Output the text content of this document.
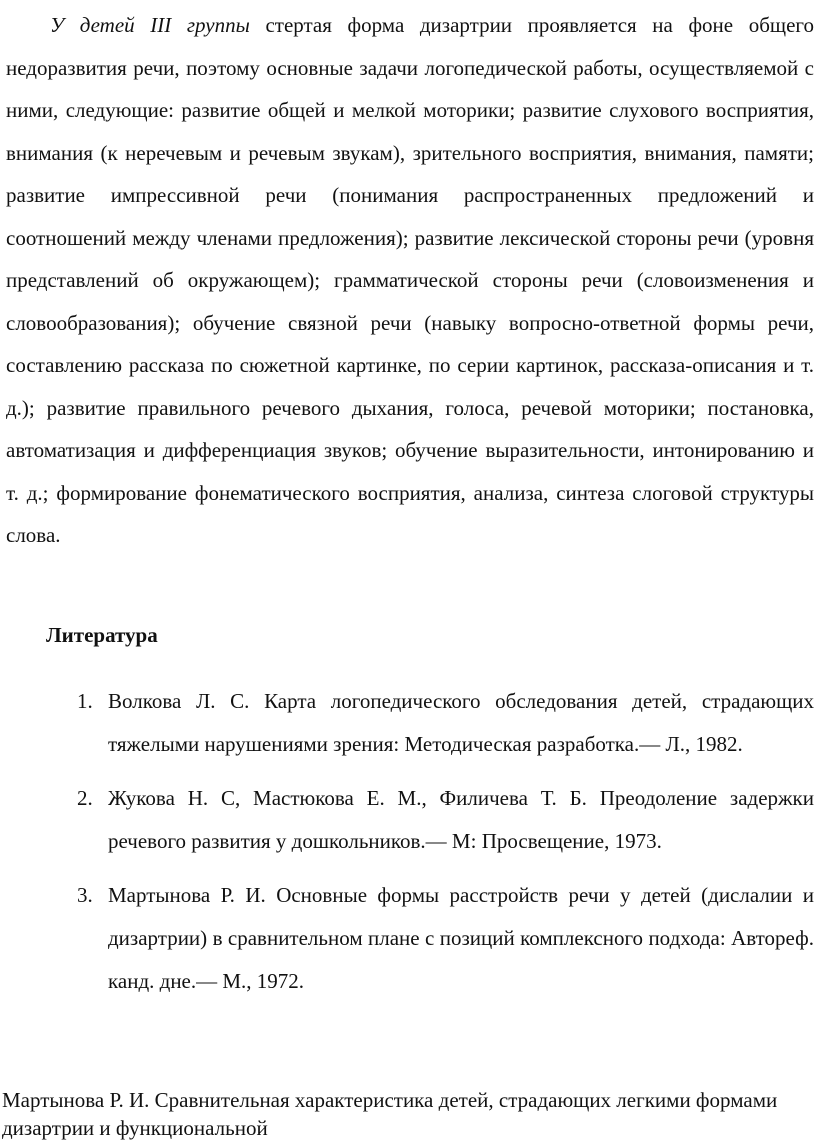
У детей III группы стертая форма дизартрии проявляется на фоне общего недоразвития речи, поэтому основные задачи логопедической работы, осуществляемой с ними, следующие: развитие общей и мелкой моторики; развитие слухового восприятия, внимания (к неречевым и речевым звукам), зрительного восприятия, внимания, памяти; развитие импрессивной речи (понимания распространенных предложений и соотношений между членами предложения); развитие лексической стороны речи (уровня представлений об окружающем); грамматической стороны речи (словоизменения и словообразования); обучение связной речи (навыку вопросно-ответной формы речи, составлению рассказа по сюжетной картинке, по серии картинок, рассказа-описания и т. д.); развитие правильного речевого дыхания, голоса, речевой моторики; постановка, автоматизация и дифференциация звуков; обучение выразительности, интонированию и т. д.; формирование фонематического восприятия, анализа, синтеза слоговой структуры слова.

Литература
1. Волкова Л. С. Карта логопедического обследования детей, страдающих тяжелыми нарушениями зрения: Методическая разработка.— Л., 1982.
2. Жукова Н. С, Мастюкова Е. М., Филичева Т. Б. Преодоление задержки речевого развития у дошкольников.— М: Просвещение, 1973.
3. Мартынова Р. И. Основные формы расстройств речи у детей (дислалии и дизартрии) в сравнительном плане с позиций комплексного подхода: Автореф. канд. дне.— М., 1972.

Мартынова Р. И. Сравнительная характеристика детей, страдающих легкими формами дизартрии и функциональной
